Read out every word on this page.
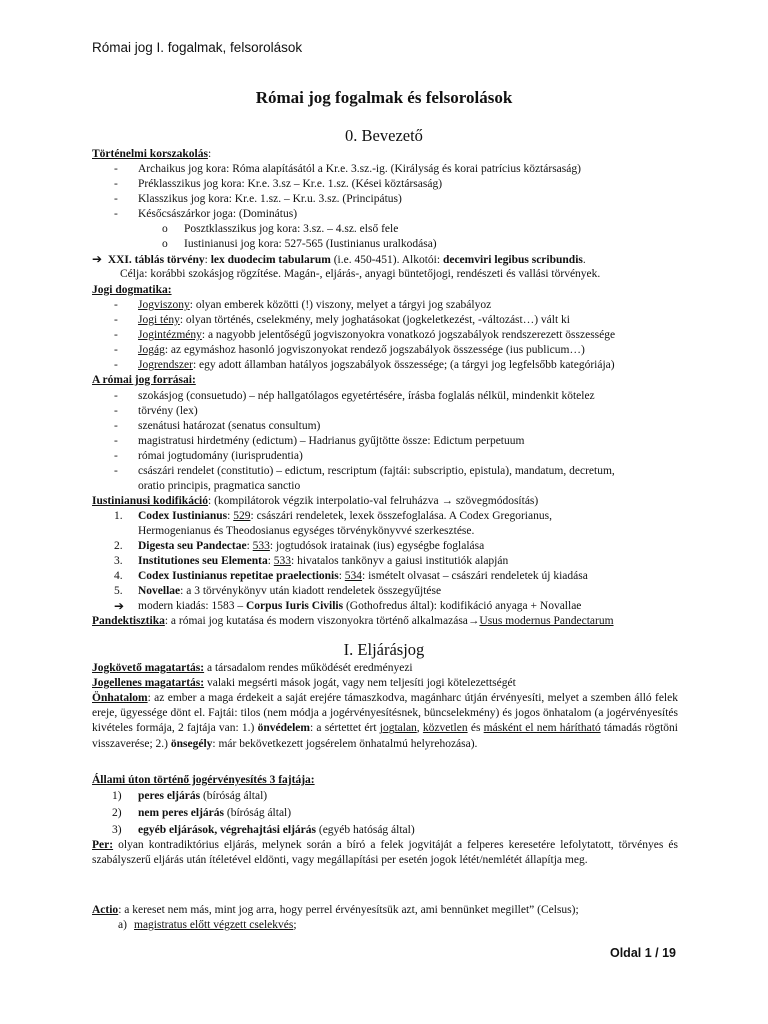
Római jog I. fogalmak, felsorolások
Római jog fogalmak és felsorolások
0. Bevezető
Történelmi korszakolás:
-	Archaikus jog kora: Róma alapításától a Kr.e. 3.sz.-ig. (Királyság és korai patrícius köztársaság)
-	Préklasszikus jog kora: Kr.e. 3.sz – Kr.e. 1.sz. (Kései köztársaság)
-	Klasszikus jog kora: Kr.e. 1.sz. – Kr.u. 3.sz. (Principátus)
-	Későcsászárkor joga: (Dominátus)
o Posztklasszikus jog kora: 3.sz. – 4.sz. első fele
o Iustinianusi jog kora: 527-565 (Iustinianus uralkodása)
➔ XXI. táblás törvény: lex duodecim tabularum (i.e. 450-451). Alkotói: decemviri legibus scribundis.
Célja: korábbi szokásjog rögzítése. Magán-, eljárás-, anyagi büntetőjogi, rendészeti és vallási törvények.
Jogi dogmatika:
-	Jogviszony: olyan emberek közötti (!) viszony, melyet a tárgyi jog szabályoz
-	Jogi tény: olyan történés, cselekmény, mely joghatásokat (jogkeletkezést, -változást…) vált ki
-	Jogintézmény: a nagyobb jelentőségű jogviszonyokra vonatkozó jogszabályok rendszerezett összessége
-	Jogág: az egymáshoz hasonló jogviszonyokat rendező jogszabályok összessége (ius publicum…)
-	Jogrendszer: egy adott államban hatályos jogszabályok összessége; (a tárgyi jog legfelsőbb kategóriája)
A római jog forrásai:
-	szokásjog (consuetudo) – nép hallgatólagos egyetértésére, írásba foglalás nélkül, mindenkit kötelez
-	törvény (lex)
-	szenátusi határozat (senatus consultum)
-	magistratusi hirdetmény (edictum) – Hadrianus gyűjtötte össze: Edictum perpetuum
-	római jogtudomány (iurisprudentia)
-	császári rendelet (constitutio) – edictum, rescriptum (fajtái: subscriptio, epistula), mandatum, decretum,
oratio principis, pragmatica sanctio
Iustinianusi kodifikáció: (kompilátorok végzik interpolatio-val felruházva → szövegmódosítás)
1. Codex Iustinianus: 529: császári rendeletek, lexek összefoglalása. A Codex Gregorianus,
Hermogenianus és Theodosianus egységes törvénykönyvvé szerkesztése.
2. Digesta seu Pandectae: 533: jogtudósok iratainak (ius) egységbe foglalása
3. Institutiones seu Elementa: 533: hivatalos tankönyv a gaiusi institutiók alapján
4. Codex Iustinianus repetitae praelectionis: 534: ismételt olvasat – császári rendeletek új kiadása
5. Novellae: a 3 törvénykönyv után kiadott rendeletek összegyűjtése
➔ modern kiadás: 1583 – Corpus Iuris Civilis (Gothofredus által): kodifikáció anyaga + Novallae
Pandektisztika: a római jog kutatása és modern viszonyokra történő alkalmazása→Usus modernus Pandectarum
I. Eljárásjog
Jogkövető magatartás: a társadalom rendes működését eredményezi
Jogellenes magatartás: valaki megsérti mások jogát, vagy nem teljesíti jogi kötelezettségét
Önhatalom: az ember a maga érdekeit a saját erejére támaszkodva, magánharc útján érvényesíti, melyet a szemben álló felek ereje, ügyessége dönt el. Fajtái: tilos (nem módja a jogérvényesítésnek, büncselekmény) és jogos önhatalom (a jogérvényesítés kivételes formája, 2 fajtája van: 1.) önvédelem: a sértettet ért jogtalan, közvetlen és másként el nem hárítható támadás rögtöni visszaverése; 2.) önsegély: már bekövetkezett jogsérelem önhatalmú helyrehozása).
Állami úton történő jogérvényesítés 3 fajtája:
1) peres eljárás (bíróság által)
2) nem peres eljárás (bíróság által)
3) egyéb eljárások, végrehajtási eljárás (egyéb hatóság által)
Per: olyan kontradiktórius eljárás, melynek során a bíró a felek jogvitáját a felperes keresetére lefolytatott, törvényes és szabályszerű eljárás után ítéletével eldönti, vagy megállapítási per esetén jogok létét/nemlétét állapítja meg.
Actio: a kereset nem más, mint jog arra, hogy perrel érvényesítsük azt, ami bennünket megillet” (Celsus);
a) magistratus előtt végzett cselekvés;
Oldal 1 / 19
